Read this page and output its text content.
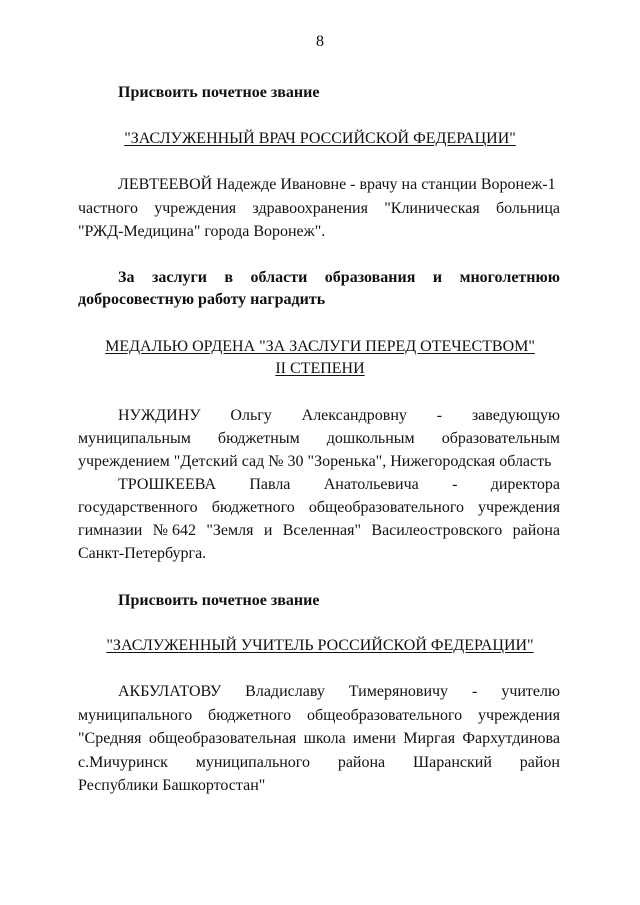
8
Присвоить почетное звание
"ЗАСЛУЖЕННЫЙ ВРАЧ РОССИЙСКОЙ ФЕДЕРАЦИИ"
ЛЕВТЕЕВОЙ Надежде Ивановне - врачу на станции Воронеж-1
частного учреждения здравоохранения "Клиническая больница
"РЖД-Медицина" города Воронеж".
За заслуги в области образования и многолетнюю
добросовестную работу наградить
МЕДАЛЬЮ ОРДЕНА "ЗА ЗАСЛУГИ ПЕРЕД ОТЕЧЕСТВОМ"
II СТЕПЕНИ
НУЖДИНУ Ольгу Александровну - заведующую
муниципальным бюджетным дошкольным образовательным
учреждением "Детский сад № 30 "Зоренька", Нижегородская область
ТРОШКЕЕВА Павла Анатольевича - директора
государственного бюджетного общеобразовательного учреждения
гимназии № 642 "Земля и Вселенная" Василеостровского района
Санкт-Петербурга.
Присвоить почетное звание
"ЗАСЛУЖЕННЫЙ УЧИТЕЛЬ РОССИЙСКОЙ ФЕДЕРАЦИИ"
АКБУЛАТОВУ Владиславу Тимеряновичу - учителю
муниципального бюджетного общеобразовательного учреждения
"Средняя общеобразовательная школа имени Миргая Фархутдинова
с.Мичуринск муниципального района Шаранский район
Республики Башкортостан"
